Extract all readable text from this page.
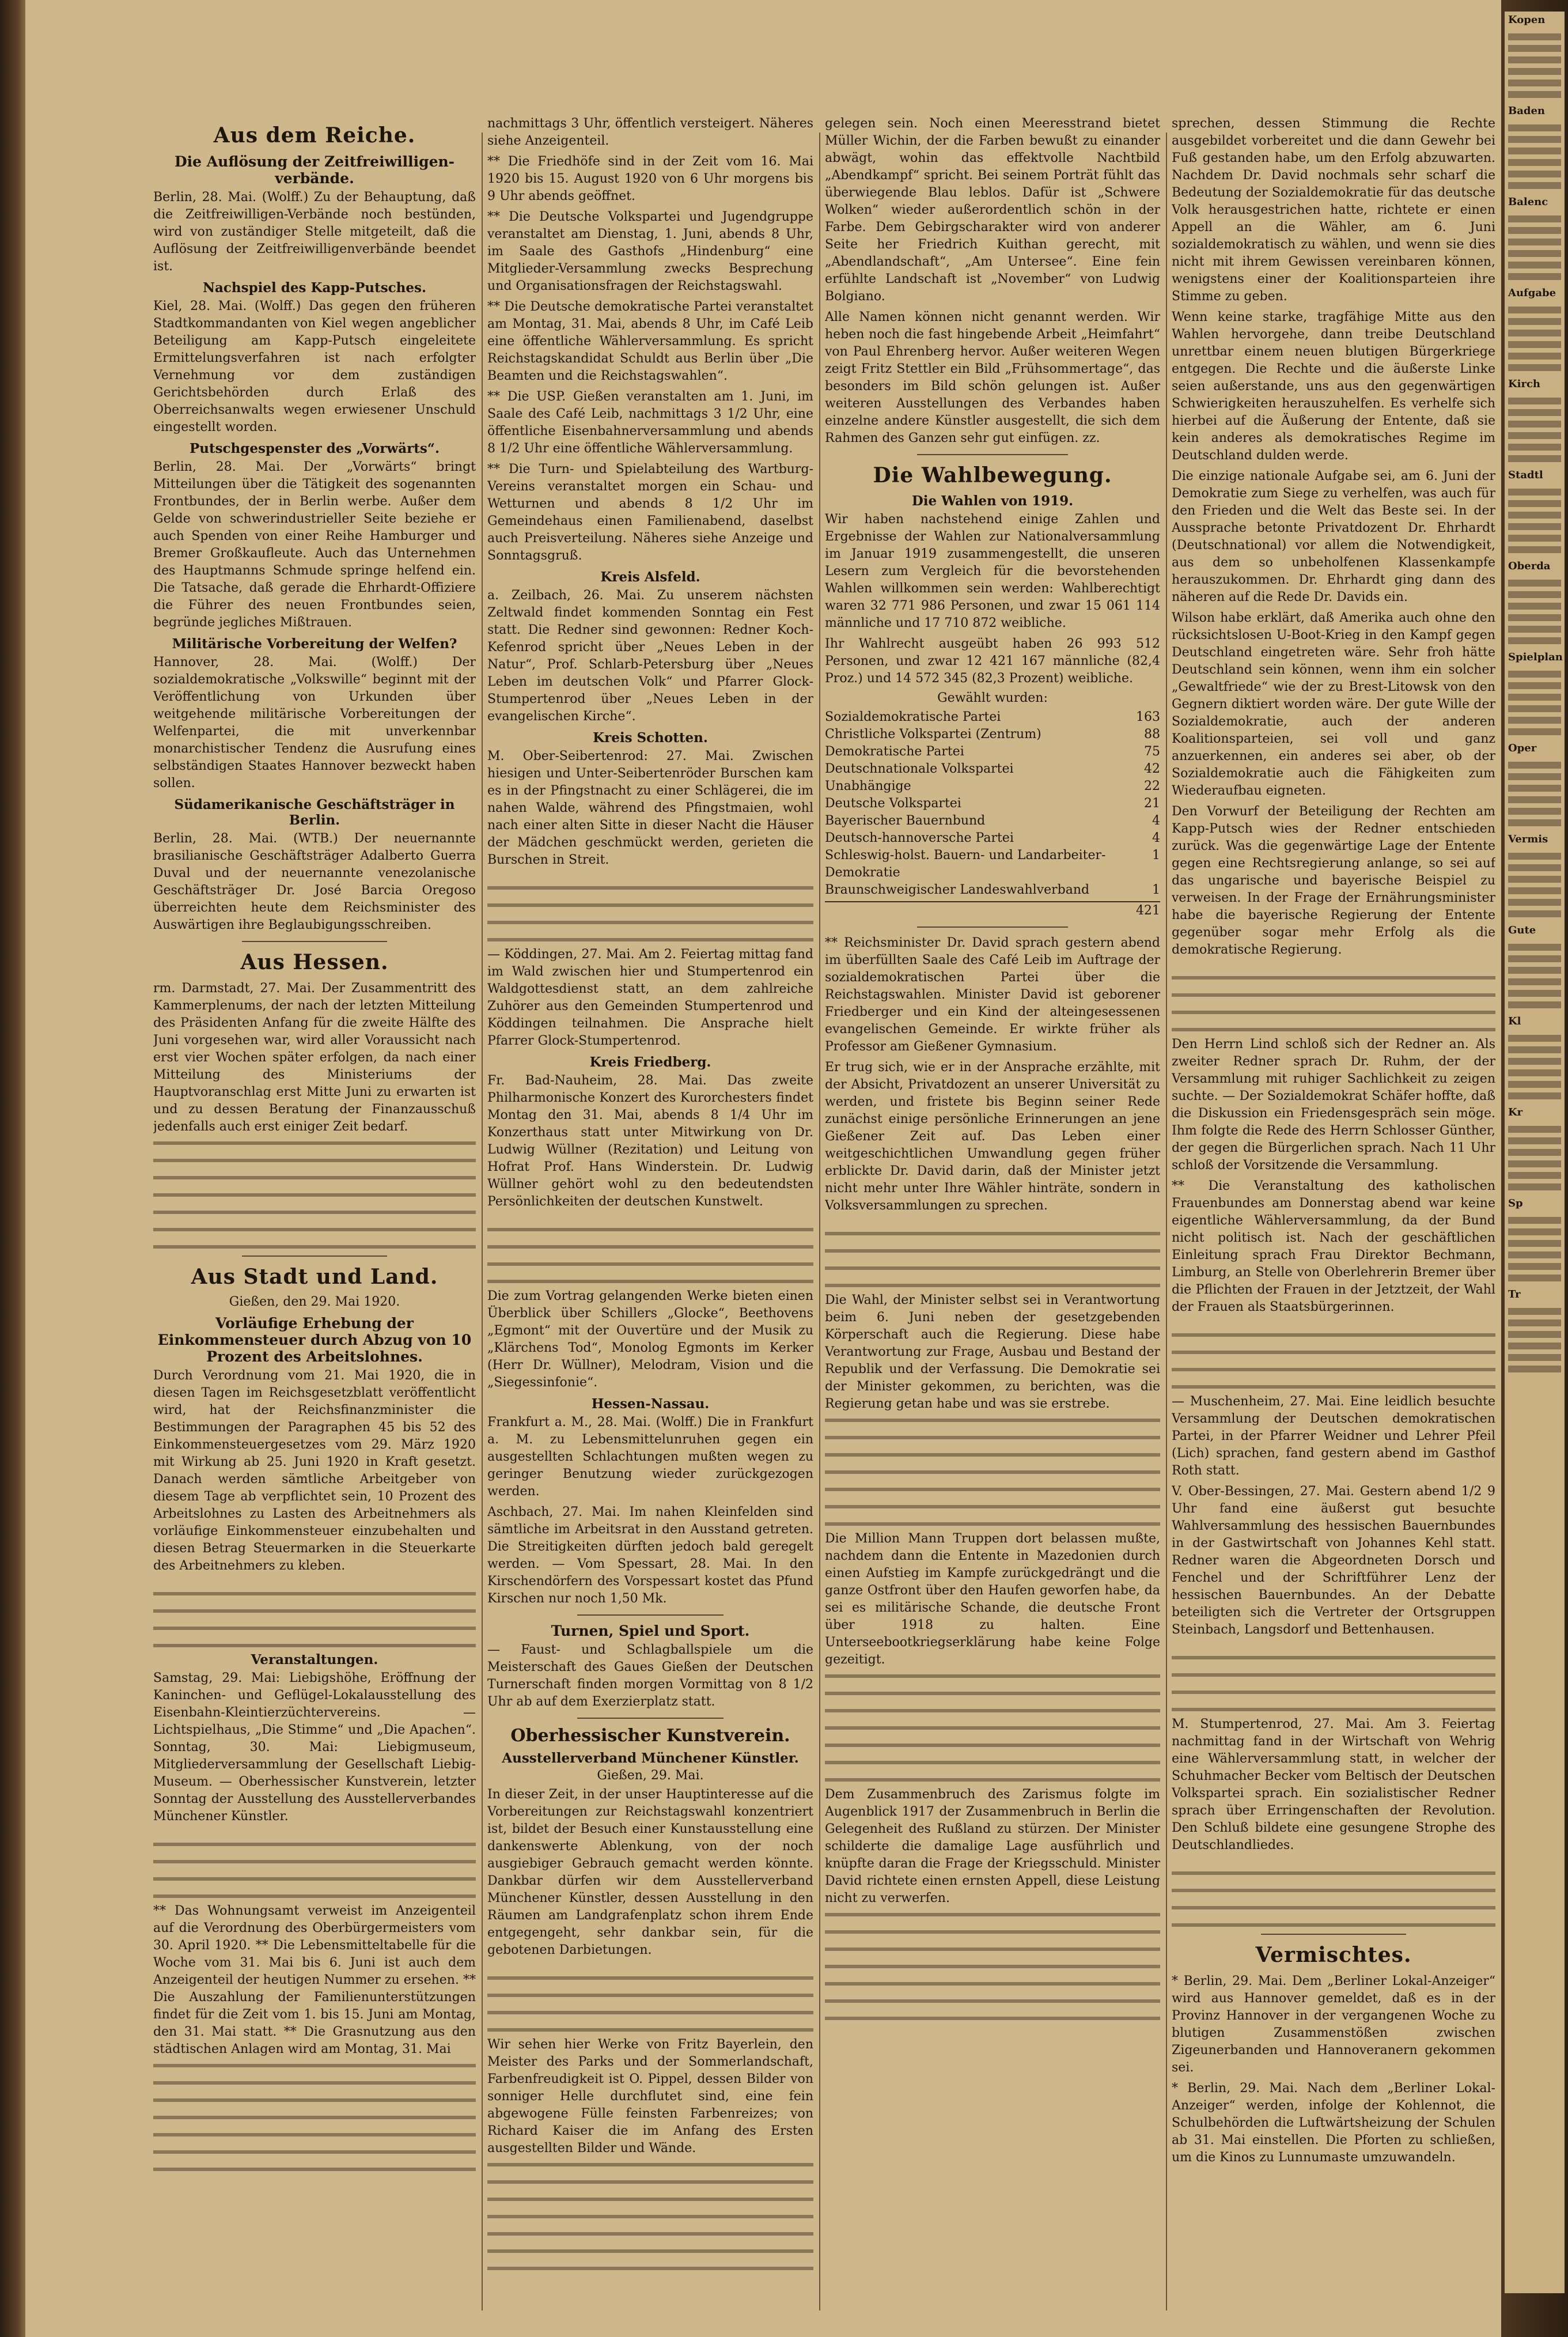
Aus dem Reiche.
Die Auflösung der Zeitfreiwilligen-verbände.

Berlin, 28. Mai. (Wolff.) Zu der Behauptung, daß die Zeitfreiwilligen-Verbände noch bestünden, wird von zuständiger Stelle mitgeteilt, daß die Auflösung der Zeitfreiwilligenverbände beendet ist.

Nachspiel des Kapp-Putsches.

Kiel, 28. Mai. (Wolff.) Das gegen den früheren Stadtkommandanten von Kiel wegen angeblicher Beteiligung am Kapp-Putsch eingeleitete Ermittelungsverfahren ist nach erfolgter Vernehmung vor dem zuständigen Gerichtsbehörden durch Erlaß des Oberreichsanwalts wegen erwiesener Unschuld eingestellt worden.

Putschgespenster des „Vorwärts“.

Berlin, 28. Mai. Der „Vorwärts“ bringt Mitteilungen über die Tätigkeit des sogenannten Frontbundes, der in Berlin werbe. Außer dem Gelde von schwerindustrieller Seite beziehe er auch Spenden von einer Reihe Hamburger und Bremer Großkaufleute. Auch das Unternehmen des Hauptmanns Schmude springe helfend ein. Die Tatsache, daß gerade die Ehrhardt-Offiziere die Führer des neuen Frontbundes seien, begründe jegliches Mißtrauen.

Militärische Vorbereitung der Welfen?

Hannover, 28. Mai. (Wolff.) Der sozialdemokratische „Volkswille“ beginnt mit der Veröffentlichung von Urkunden über weitgehende militärische Vorbereitungen der Welfenpartei, die mit unverkennbar monarchistischer Tendenz die Ausrufung eines selbständigen Staates Hannover bezweckt haben sollen.

Südamerikanische Geschäftsträger in Berlin.

Berlin, 28. Mai. (WTB.) Der neuernannte brasilianische Geschäftsträger Adalberto Guerra Duval und der neuernannte venezolanische Geschäftsträger Dr. José Barcia Oregoso überreichten heute dem Reichsminister des Auswärtigen ihre Beglaubigungsschreiben.

Aus Hessen.

rm. Darmstadt, 27. Mai. Der Zusammentritt des Kammerplenums, der nach der letzten Mitteilung des Präsidenten Anfang für die zweite Hälfte des Juni vorgesehen war, wird aller Voraussicht nach erst vier Wochen später erfolgen, da nach einer Mitteilung des Ministeriums der Hauptvoranschlag erst Mitte Juni zu erwarten ist und zu dessen Beratung der Finanzausschuß jedenfalls auch erst einiger Zeit bedarf.

Aus Stadt und Land.

Gießen, den 29. Mai 1920.

Vorläufige Erhebung der Einkommensteuer durch Abzug von 10 Prozent des Arbeitslohnes.

Durch Verordnung vom 21. Mai 1920, die in diesen Tagen im Reichsgesetzblatt veröffentlicht wird, hat der Reichsfinanzminister die Bestimmungen der Paragraphen 45 bis 52 des Einkommensteuergesetzes vom 29. März 1920 mit Wirkung ab 25. Juni 1920 in Kraft gesetzt. Danach werden sämtliche Arbeitgeber von diesem Tage ab verpflichtet sein, 10 Prozent des Arbeitslohnes zu Lasten des Arbeitnehmers als vorläufige Einkommensteuer einzubehalten und diesen Betrag Steuermarken in die Steuerkarte des Arbeitnehmers zu kleben.

Veranstaltungen.

Samstag, 29. Mai: Liebigshöhe, Eröffnung der Kaninchen- und Geflügel-Lokalausstellung des Eisenbahn-Kleintierzüchtervereins. — Lichtspielhaus, „Die Stimme“ und „Die Apachen“. Sonntag, 30. Mai: Liebigmuseum, Mitgliederversammlung der Gesellschaft Liebig-Museum. — Oberhessischer Kunstverein, letzter Sonntag der Ausstellung des Ausstellerverbandes Münchener Künstler.

** Das Wohnungsamt verweist im Anzeigenteil auf die Verordnung des Oberbürgermeisters vom 30. April 1920. ** Die Lebensmitteltabelle für die Woche vom 31. Mai bis 6. Juni ist auch dem Anzeigenteil der heutigen Nummer zu ersehen. ** Die Auszahlung der Familienunterstützungen findet für die Zeit vom 1. bis 15. Juni am Montag, den 31. Mai statt. ** Die Grasnutzung aus den städtischen Anlagen wird am Montag, 31. Mai

nachmittags 3 Uhr, öffentlich versteigert. Näheres siehe Anzeigenteil.

** Die Friedhöfe sind in der Zeit vom 16. Mai 1920 bis 15. August 1920 von 6 Uhr morgens bis 9 Uhr abends geöffnet.

** Die Deutsche Volkspartei und Jugendgruppe veranstaltet am Dienstag, 1. Juni, abends 8 Uhr, im Saale des Gasthofs „Hindenburg“ eine Mitglieder-Versammlung zwecks Besprechung und Organisationsfragen der Reichstagswahl.

** Die Deutsche demokratische Partei veranstaltet am Montag, 31. Mai, abends 8 Uhr, im Café Leib eine öffentliche Wählerversammlung. Es spricht Reichstagskandidat Schuldt aus Berlin über „Die Beamten und die Reichstagswahlen“.

** Die USP. Gießen veranstalten am 1. Juni, im Saale des Café Leib, nachmittags 3 1/2 Uhr, eine öffentliche Eisenbahnerversammlung und abends 8 1/2 Uhr eine öffentliche Wählerversammlung.

** Die Turn- und Spielabteilung des Wartburg-Vereins veranstaltet morgen ein Schau- und Wetturnen und abends 8 1/2 Uhr im Gemeindehaus einen Familienabend, daselbst auch Preisverteilung. Näheres siehe Anzeige und Sonntagsgruß.

Kreis Alsfeld.

a. Zeilbach, 26. Mai. Zu unserem nächsten Zeltwald findet kommenden Sonntag ein Fest statt. Die Redner sind gewonnen: Redner Koch-Kefenrod spricht über „Neues Leben in der Natur“, Prof. Schlarb-Petersburg über „Neues Leben im deutschen Volk“ und Pfarrer Glock-Stumpertenrod über „Neues Leben in der evangelischen Kirche“.

Kreis Schotten.

M. Ober-Seibertenrod: 27. Mai. Zwischen hiesigen und Unter-Seibertenröder Burschen kam es in der Pfingstnacht zu einer Schlägerei, die im nahen Walde, während des Pfingstmaien, wohl nach einer alten Sitte in dieser Nacht die Häuser der Mädchen geschmückt werden, gerieten die Burschen in Streit.

— Köddingen, 27. Mai. Am 2. Feiertag mittag fand im Wald zwischen hier und Stumpertenrod ein Waldgottesdienst statt, an dem zahlreiche Zuhörer aus den Gemeinden Stumpertenrod und Köddingen teilnahmen. Die Ansprache hielt Pfarrer Glock-Stumpertenrod.

Kreis Friedberg.

Fr. Bad-Nauheim, 28. Mai. Das zweite Philharmonische Konzert des Kurorchesters findet Montag den 31. Mai, abends 8 1/4 Uhr im Konzerthaus statt unter Mitwirkung von Dr. Ludwig Wüllner (Rezitation) und Leitung von Hofrat Prof. Hans Winderstein. Dr. Ludwig Wüllner gehört wohl zu den bedeutendsten Persönlichkeiten der deutschen Kunstwelt.

Die zum Vortrag gelangenden Werke bieten einen Überblick über Schillers „Glocke“, Beethovens „Egmont“ mit der Ouvertüre und der Musik zu „Klärchens Tod“, Monolog Egmonts im Kerker (Herr Dr. Wüllner), Melodram, Vision und die „Siegessinfonie“.

Hessen-Nassau.

Frankfurt a. M., 28. Mai. (Wolff.) Die in Frankfurt a. M. zu Lebensmittelunruhen gegen ein ausgestellten Schlachtungen mußten wegen zu geringer Benutzung wieder zurückgezogen werden.

Aschbach, 27. Mai. Im nahen Kleinfelden sind sämtliche im Arbeitsrat in den Ausstand getreten. Die Streitigkeiten dürften jedoch bald geregelt werden. — Vom Spessart, 28. Mai. In den Kirschendörfern des Vorspessart kostet das Pfund Kirschen nur noch 1,50 Mk.

Turnen, Spiel und Sport.

— Faust- und Schlagballspiele um die Meisterschaft des Gaues Gießen der Deutschen Turnerschaft finden morgen Vormittag von 8 1/2 Uhr ab auf dem Exerzierplatz statt.

Oberhessischer Kunstverein.
Ausstellerverband Münchener Künstler.

Gießen, 29. Mai.

In dieser Zeit, in der unser Hauptinteresse auf die Vorbereitungen zur Reichstagswahl konzentriert ist, bildet der Besuch einer Kunstausstellung eine dankenswerte Ablenkung, von der noch ausgiebiger Gebrauch gemacht werden könnte. Dankbar dürfen wir dem Ausstellerverband Münchener Künstler, dessen Ausstellung in den Räumen am Landgrafenplatz schon ihrem Ende entgegengeht, sehr dankbar sein, für die gebotenen Darbietungen.

Wir sehen hier Werke von Fritz Bayerlein, den Meister des Parks und der Sommerlandschaft, Farbenfreudigkeit ist O. Pippel, dessen Bilder von sonniger Helle durchflutet sind, eine fein abgewogene Fülle feinsten Farbenreizes; von Richard Kaiser die im Anfang des Ersten ausgestellten Bilder und Wände.

gelegen sein. Noch einen Meeresstrand bietet Müller Wichin, der die Farben bewußt zu einander abwägt, wohin das effektvolle Nachtbild „Abendkampf“ spricht. Bei seinem Porträt fühlt das überwiegende Blau leblos. Dafür ist „Schwere Wolken“ wieder außerordentlich schön in der Farbe. Dem Gebirgscharakter wird von anderer Seite her Friedrich Kuithan gerecht, mit „Abendlandschaft“, „Am Untersee“. Eine fein erfühlte Landschaft ist „November“ von Ludwig Bolgiano.

Alle Namen können nicht genannt werden. Wir heben noch die fast hingebende Arbeit „Heimfahrt“ von Paul Ehrenberg hervor. Außer weiteren Wegen zeigt Fritz Stettler ein Bild „Frühsommertage“, das besonders im Bild schön gelungen ist. Außer weiteren Ausstellungen des Verbandes haben einzelne andere Künstler ausgestellt, die sich dem Rahmen des Ganzen sehr gut einfügen. zz.

Die Wahlbewegung.
Die Wahlen von 1919.

Wir haben nachstehend einige Zahlen und Ergebnisse der Wahlen zur Nationalversammlung im Januar 1919 zusammengestellt, die unseren Lesern zum Vergleich für die bevorstehenden Wahlen willkommen sein werden: Wahlberechtigt waren 32 771 986 Personen, und zwar 15 061 114 männliche und 17 710 872 weibliche.

Ihr Wahlrecht ausgeübt haben 26 993 512 Personen, und zwar 12 421 167 männliche (82,4 Proz.) und 14 572 345 (82,3 Prozent) weibliche.

Gewählt wurden:

Sozialdemokratische Partei	163
Christliche Volkspartei (Zentrum)	88
Demokratische Partei	75
Deutschnationale Volkspartei	42
Unabhängige	22
Deutsche Volkspartei	21
Bayerischer Bauernbund	4
Deutsch-hannoversche Partei	4
Schleswig-holst. Bauern- und Landarbeiter-Demokratie
1
Braunschweigischer Landeswahlverband	1
421

** Reichsminister Dr. David sprach gestern abend im überfüllten Saale des Café Leib im Auftrage der sozialdemokratischen Partei über die Reichstagswahlen. Minister David ist geborener Friedberger und ein Kind der alteingesessenen evangelischen Gemeinde. Er wirkte früher als Professor am Gießener Gymnasium.

Er trug sich, wie er in der Ansprache erzählte, mit der Absicht, Privatdozent an unserer Universität zu werden, und fristete bis Beginn seiner Rede zunächst einige persönliche Erinnerungen an jene Gießener Zeit auf. Das Leben einer weitgeschichtlichen Umwandlung gegen früher erblickte Dr. David darin, daß der Minister jetzt nicht mehr unter Ihre Wähler hinträte, sondern in Volksversammlungen zu sprechen.

Die Wahl, der Minister selbst sei in Verantwortung beim 6. Juni neben der gesetzgebenden Körperschaft auch die Regierung. Diese habe Verantwortung zur Frage, Ausbau und Bestand der Republik und der Verfassung. Die Demokratie sei der Minister gekommen, zu berichten, was die Regierung getan habe und was sie erstrebe.

Die Million Mann Truppen dort belassen mußte, nachdem dann die Entente in Mazedonien durch einen Aufstieg im Kampfe zurückgedrängt und die ganze Ostfront über den Haufen geworfen habe, da sei es militärische Schande, die deutsche Front über 1918 zu halten. Eine Unterseebootkriegserklärung habe keine Folge gezeitigt.

Dem Zusammenbruch des Zarismus folgte im Augenblick 1917 der Zusammenbruch in Berlin die Gelegenheit des Rußland zu stürzen. Der Minister schilderte die damalige Lage ausführlich und knüpfte daran die Frage der Kriegsschuld. Minister David richtete einen ernsten Appell, diese Leistung nicht zu verwerfen.

sprechen, dessen Stimmung die Rechte ausgebildet vorbereitet und die dann Gewehr bei Fuß gestanden habe, um den Erfolg abzuwarten. Nachdem Dr. David nochmals sehr scharf die Bedeutung der Sozialdemokratie für das deutsche Volk herausgestrichen hatte, richtete er einen Appell an die Wähler, am 6. Juni sozialdemokratisch zu wählen, und wenn sie dies nicht mit ihrem Gewissen vereinbaren können, wenigstens einer der Koalitionsparteien ihre Stimme zu geben.

Wenn keine starke, tragfähige Mitte aus den Wahlen hervorgehe, dann treibe Deutschland unrettbar einem neuen blutigen Bürgerkriege entgegen. Die Rechte und die äußerste Linke seien außerstande, uns aus den gegenwärtigen Schwierigkeiten herauszuhelfen. Es verhelfe sich hierbei auf die Äußerung der Entente, daß sie kein anderes als demokratisches Regime im Deutschland dulden werde.

Die einzige nationale Aufgabe sei, am 6. Juni der Demokratie zum Siege zu verhelfen, was auch für den Frieden und die Welt das Beste sei. In der Aussprache betonte Privatdozent Dr. Ehrhardt (Deutschnational) vor allem die Notwendigkeit, aus dem so unbeholfenen Klassenkampfe herauszukommen. Dr. Ehrhardt ging dann des näheren auf die Rede Dr. Davids ein.

Wilson habe erklärt, daß Amerika auch ohne den rücksichtslosen U-Boot-Krieg in den Kampf gegen Deutschland eingetreten wäre. Sehr froh hätte Deutschland sein können, wenn ihm ein solcher „Gewaltfriede“ wie der zu Brest-Litowsk von den Gegnern diktiert worden wäre. Der gute Wille der Sozialdemokratie, auch der anderen Koalitionsparteien, sei voll und ganz anzuerkennen, ein anderes sei aber, ob der Sozialdemokratie auch die Fähigkeiten zum Wiederaufbau eigneten.

Den Vorwurf der Beteiligung der Rechten am Kapp-Putsch wies der Redner entschieden zurück. Was die gegenwärtige Lage der Entente gegen eine Rechtsregierung anlange, so sei auf das ungarische und bayerische Beispiel zu verweisen. In der Frage der Ernährungsminister habe die bayerische Regierung der Entente gegenüber sogar mehr Erfolg als die demokratische Regierung.

Den Herrn Lind schloß sich der Redner an. Als zweiter Redner sprach Dr. Ruhm, der der Versammlung mit ruhiger Sachlichkeit zu zeigen suchte. — Der Sozialdemokrat Schäfer hoffte, daß die Diskussion ein Friedensgespräch sein möge. Ihm folgte die Rede des Herrn Schlosser Günther, der gegen die Bürgerlichen sprach. Nach 11 Uhr schloß der Vorsitzende die Versammlung.

** Die Veranstaltung des katholischen Frauenbundes am Donnerstag abend war keine eigentliche Wählerversammlung, da der Bund nicht politisch ist. Nach der geschäftlichen Einleitung sprach Frau Direktor Bechmann, Limburg, an Stelle von Oberlehrerin Bremer über die Pflichten der Frauen in der Jetztzeit, der Wahl der Frauen als Staatsbürgerinnen.

— Muschenheim, 27. Mai. Eine leidlich besuchte Versammlung der Deutschen demokratischen Partei, in der Pfarrer Weidner und Lehrer Pfeil (Lich) sprachen, fand gestern abend im Gasthof Roth statt.

V. Ober-Bessingen, 27. Mai. Gestern abend 1/2 9 Uhr fand eine äußerst gut besuchte Wahlversammlung des hessischen Bauernbundes in der Gastwirtschaft von Johannes Kehl statt. Redner waren die Abgeordneten Dorsch und Fenchel und der Schriftführer Lenz der hessischen Bauernbundes. An der Debatte beteiligten sich die Vertreter der Ortsgruppen Steinbach, Langsdorf und Bettenhausen.

M. Stumpertenrod, 27. Mai. Am 3. Feiertag nachmittag fand in der Wirtschaft von Wehrig eine Wählerversammlung statt, in welcher der Schuhmacher Becker vom Beltisch der Deutschen Volkspartei sprach. Ein sozialistischer Redner sprach über Erringenschaften der Revolution. Den Schluß bildete eine gesungene Strophe des Deutschlandliedes.

Vermischtes.

* Berlin, 29. Mai. Dem „Berliner Lokal-Anzeiger“ wird aus Hannover gemeldet, daß es in der Provinz Hannover in der vergangenen Woche zu blutigen Zusammenstößen zwischen Zigeunerbanden und Hannoveranern gekommen sei.

* Berlin, 29. Mai. Nach dem „Berliner Lokal-Anzeiger“ werden, infolge der Kohlennot, die Schulbehörden die Luftwärtsheizung der Schulen ab 31. Mai einstellen. Die Pforten zu schließen, um die Kinos zu Lunnumaste umzuwandeln.

Kopen
Baden
Balenc
Aufgabe
Kirch
Stadtl
Oberda
Spielplan
Oper
Vermis
Gute
Kl
Kr
Sp
Tr
